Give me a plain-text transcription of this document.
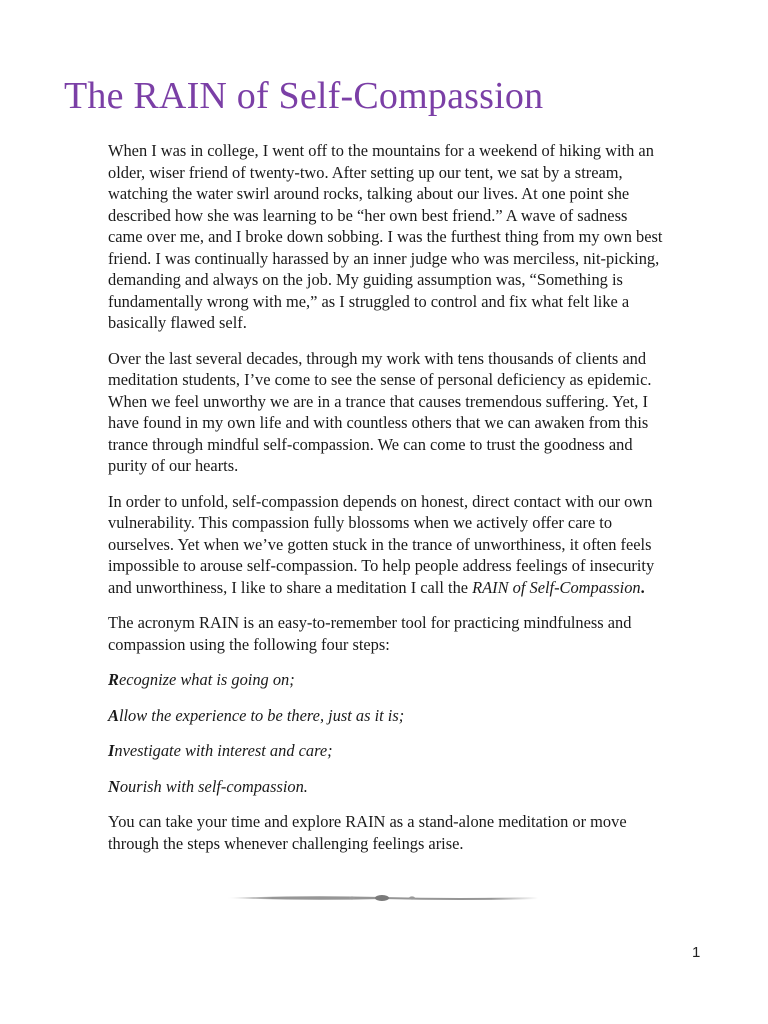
The RAIN of Self-Compassion

When I was in college, I went off to the mountains for a weekend of hiking with an older, wiser friend of twenty-two. After setting up our tent, we sat by a stream, watching the water swirl around rocks, talking about our lives. At one point she described how she was learning to be “her own best friend.” A wave of sadness came over me, and I broke down sobbing. I was the furthest thing from my own best friend. I was continually harassed by an inner judge who was merciless, nit-picking, demanding and always on the job. My guiding assumption was, “Something is fundamentally wrong with me,” as I struggled to control and fix what felt like a basically flawed self.

Over the last several decades, through my work with tens thousands of clients and meditation students, I’ve come to see the sense of personal deficiency as epidemic. When we feel unworthy we are in a trance that causes tremendous suffering. Yet, I have found in my own life and with countless others that we can awaken from this trance through mindful self-compassion. We can come to trust the goodness and purity of our hearts.

In order to unfold, self-compassion depends on honest, direct contact with our own vulnerability. This compassion fully blossoms when we actively offer care to ourselves. Yet when we’ve gotten stuck in the trance of unworthiness, it often feels impossible to arouse self-compassion. To help people address feelings of insecurity and unworthiness, I like to share a meditation I call the RAIN of Self-Compassion.

The acronym RAIN is an easy-to-remember tool for practicing mindfulness and compassion using the following four steps:

Recognize what is going on;

Allow the experience to be there, just as it is;

Investigate with interest and care;

Nourish with self-compassion.

You can take your time and explore RAIN as a stand-alone meditation or move through the steps whenever challenging feelings arise.

1
